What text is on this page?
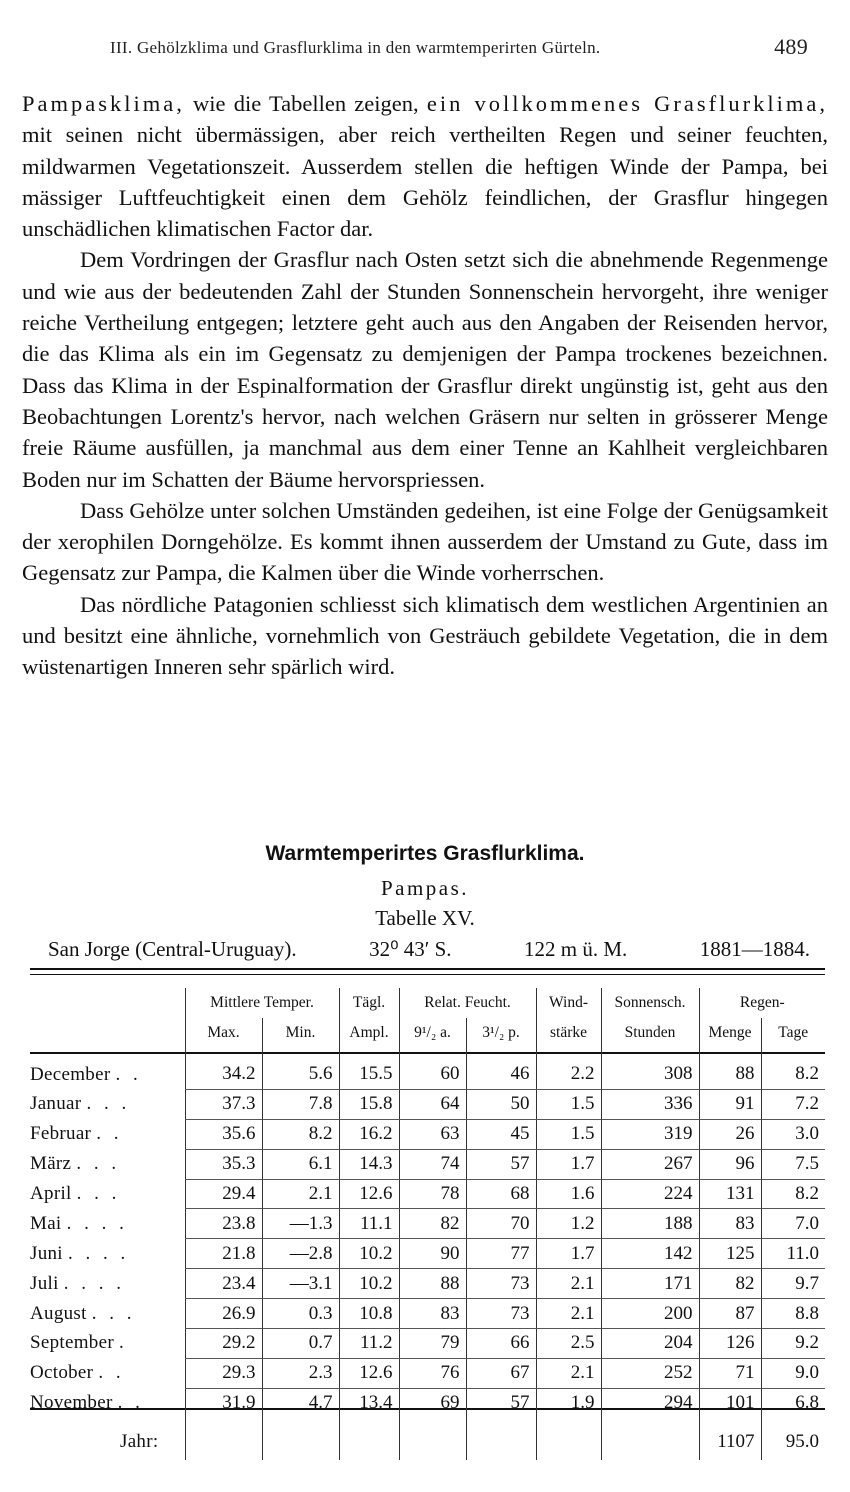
III. Gehölzklima und Grasflurklima in den warmtemperirten Gürteln.	489

Pampasklima, wie die Tabellen zeigen, ein vollkommenes Grasflurklima, mit seinen nicht übermässigen, aber reich vertheilten Regen und seiner feuchten, mildwarmen Vegetationszeit. Ausserdem stellen die heftigen Winde der Pampa, bei mässiger Luftfeuchtigkeit einen dem Gehölz feindlichen, der Grasflur hingegen unschädlichen klimatischen Factor dar.

Dem Vordringen der Grasflur nach Osten setzt sich die abnehmende Regenmenge und wie aus der bedeutenden Zahl der Stunden Sonnenschein hervorgeht, ihre weniger reiche Vertheilung entgegen; letztere geht auch aus den Angaben der Reisenden hervor, die das Klima als ein im Gegensatz zu demjenigen der Pampa trockenes bezeichnen. Dass das Klima in der Espinalformation der Grasflur direkt ungünstig ist, geht aus den Beobachtungen Lorentz's hervor, nach welchen Gräsern nur selten in grösserer Menge freie Räume ausfüllen, ja manchmal aus dem einer Tenne an Kahlheit vergleichbaren Boden nur im Schatten der Bäume hervorspriessen.

Dass Gehölze unter solchen Umständen gedeihen, ist eine Folge der Genügsamkeit der xerophilen Dorngehölze. Es kommt ihnen ausserdem der Umstand zu Gute, dass im Gegensatz zur Pampa, die Kalmen über die Winde vorherrschen.

Das nördliche Patagonien schliesst sich klimatisch dem westlichen Argentinien an und besitzt eine ähnliche, vornehmlich von Gesträuch gebildete Vegetation, die in dem wüstenartigen Inneren sehr spärlich wird.

Warmtemperirtes Grasflurklima.
Pampas.
Tabelle XV.
San Jorge (Central-Uruguay).	32⁰ 43′ S.	122 m ü. M.	1881—1884.
	Mittlere Temper.		Tägl.	Relat. Feucht.		Wind-	Sonnensch.	Regen-	
	Max.	Min.	Ampl.	9¹/₂ a.	3¹/₂ p.	stärke	Stunden	Menge	Tage
December . .	34.2	5.6	15.5	60	46	2.2	308	88	8.2
Januar . . .	37.3	7.8	15.8	64	50	1.5	336	91	7.2
Februar . .	35.6	8.2	16.2	63	45	1.5	319	26	3.0
März . . .	35.3	6.1	14.3	74	57	1.7	267	96	7.5
April . . .	29.4	2.1	12.6	78	68	1.6	224	131	8.2
Mai . . . .	23.8	—1.3	11.1	82	70	1.2	188	83	7.0
Juni . . . .	21.8	—2.8	10.2	90	77	1.7	142	125	11.0
Juli . . . .	23.4	—3.1	10.2	88	73	2.1	171	82	9.7
August . . .	26.9	0.3	10.8	83	73	2.1	200	87	8.8
September .	29.2	0.7	11.2	79	66	2.5	204	126	9.2
October . .	29.3	2.3	12.6	76	67	2.1	252	71	9.0
November . .	31.9	4.7	13.4	69	57	1.9	294	101	6.8
Jahr:								1107	95.0
